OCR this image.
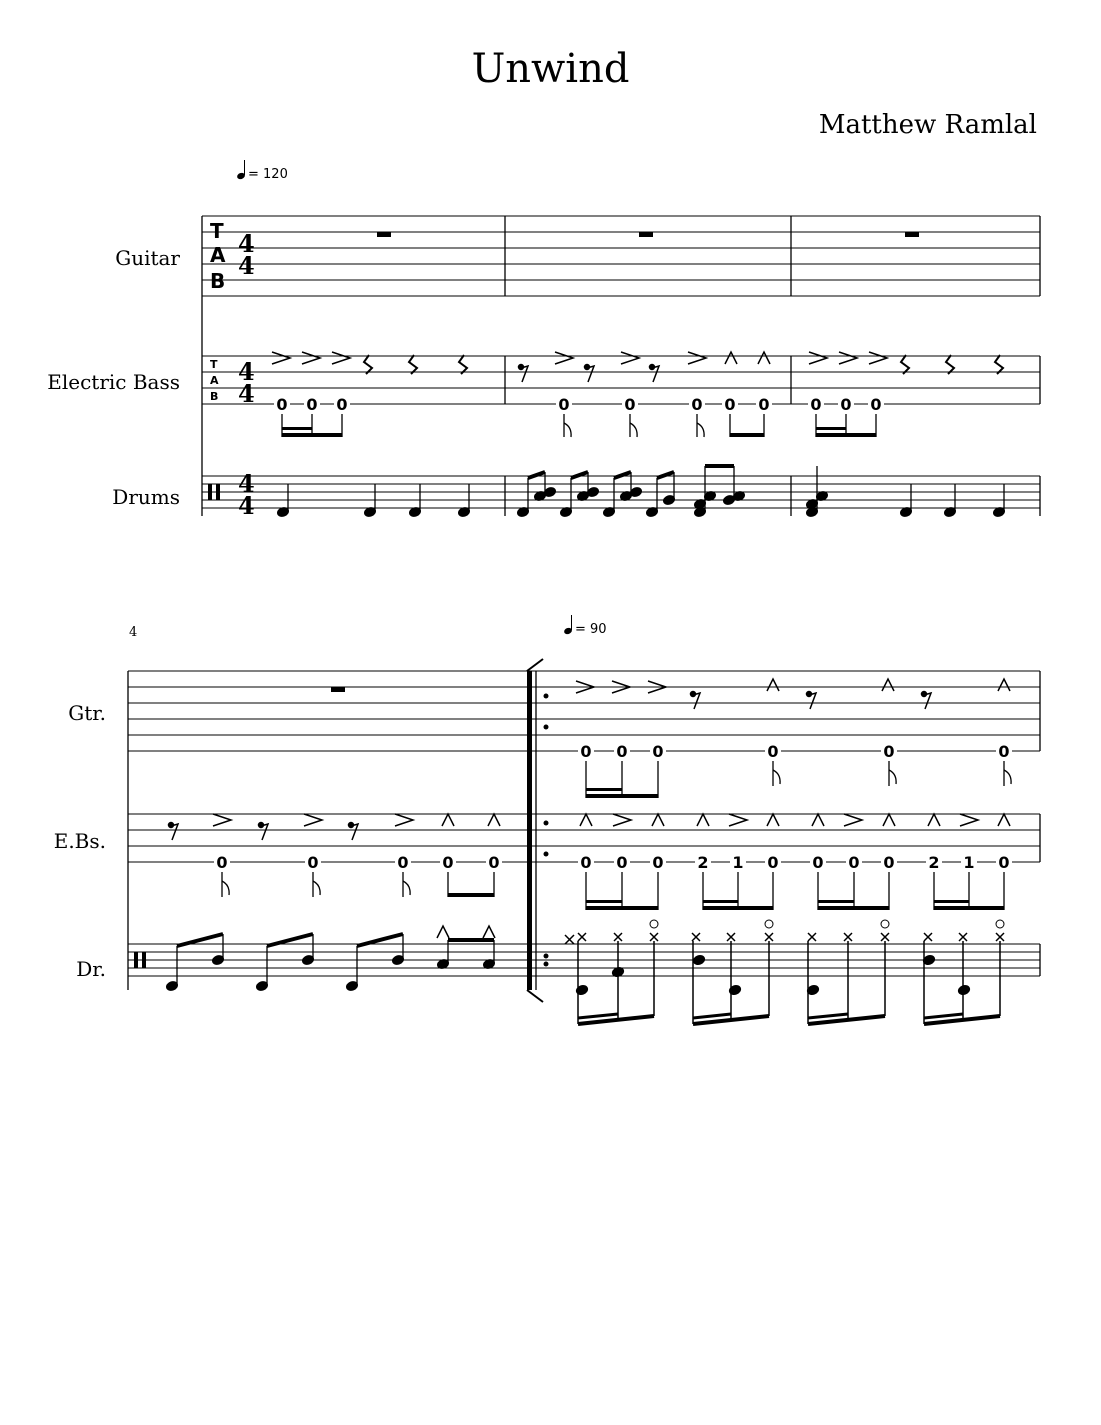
Unwind
Matthew Ramlal
= 120
Guitar
Electric Bass
Drums
T
A
B
T
A
B
4
4
4
4
4
4
0 0 0	0	0	0 0 0	0 0 0
4	= 90
Gtr.
E.Bs.
Dr.
0	0	0 0 0
0 0 0	0	0	0
0 0 0 2 1 0 0 0 0 2 1 0
